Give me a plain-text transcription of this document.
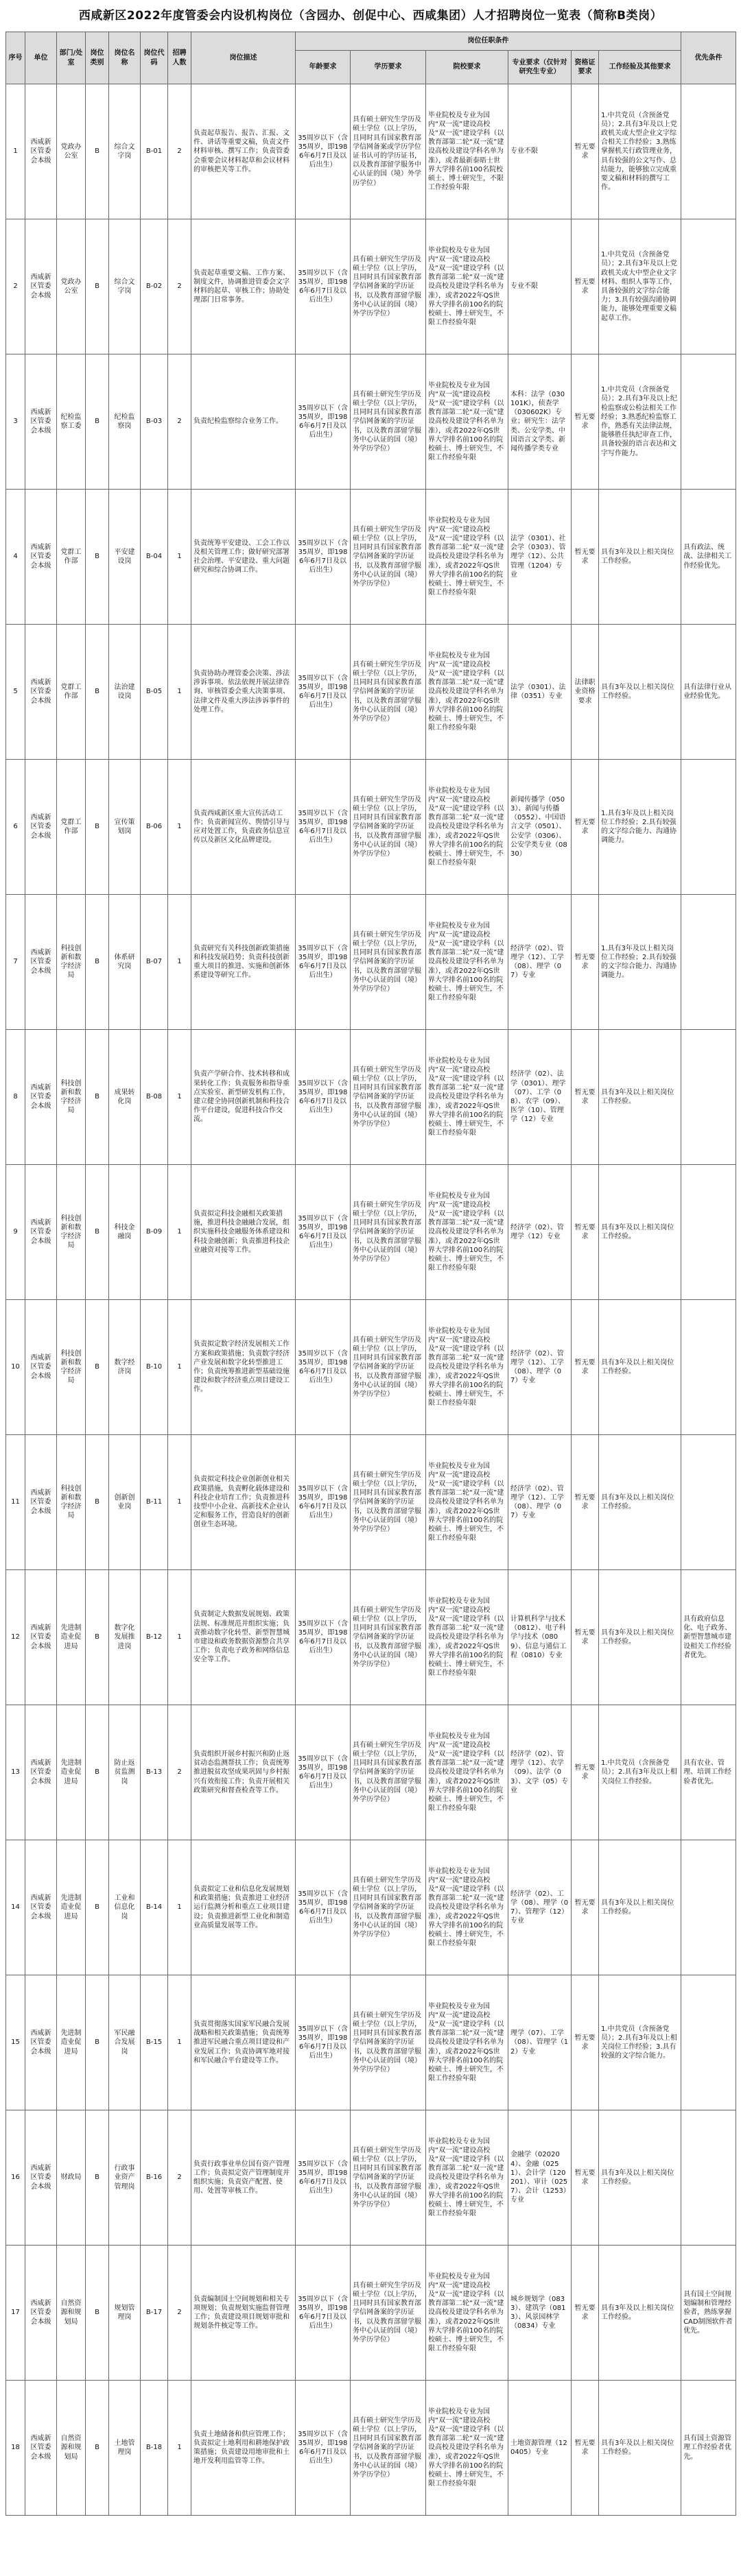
西咸新区2022年度管委会内设机构岗位（含园办、创促中心、西咸集团）人才招聘岗位一览表（简称B类岗）
序号	单位	部门/处室	岗位类别	岗位名称	岗位代码	招聘人数	岗位描述	岗位任职条件						优先条件
								年龄要求	学历要求	院校要求	专业要求（仅针对研究生专业）	资格证要求	工作经验及其他要求	
1	西咸新区管委会本级	党政办公室	B	综合文字岗	B-01	2	负责起草报告、报告、汇报、文件、讲话等重要文稿，负责文件材料审核、撰写工作；负责管委会重要会议材料起草和会议材料的审核把关等工作。	35周岁以下（含35周岁，即1986年6月7日及以后出生）	具有硕士研究生学历及硕士学位（以上学历，且同时具有国家教育部学信网备案或学历学位证书认可的学历证书，以及教育部留学服务中心认证的国（境）外学历学位）	毕业院校及专业为国内“双一流”建设高校及“双一流”建设学科（以教育部第二轮“双一流”建设高校及建设学科名单为准），或者最新泰晤士世界大学排名前100名院校硕士、博士研究生，不限工作经验年限	专业不限	暂无要求	1.中共党员（含预备党员）；2.具有3年及以上党政机关或大型企业文字综合相关工作经验；3.熟练掌握机关行政管理业务，具有较强的公文写作、总结能力，能够独立完成重要文稿和材料的撰写工作。	
2	西咸新区管委会本级	党政办公室	B	综合文字岗	B-02	2	负责起草重要文稿、工作方案、制度文件，协调推进管委会文字材料的起草、审核工作；协助处理部门日常事务。	35周岁以下（含35周岁，即1986年6月7日及以后出生）	具有硕士研究生学历及硕士学位（以上学历，且同时具有国家教育部学信网备案的学历证书，以及教育部留学服务中心认证的国（境）外学历学位）	毕业院校及专业为国内“双一流”建设高校及“双一流”建设学科（以教育部第二轮“双一流”建设高校及建设学科名单为准），或者2022年QS世界大学排名前100名的院校硕士、博士研究生，不限工作经验年限	专业不限	暂无要求	1.中共党员（含预备党员）；2.具有3年及以上党政机关或大中型企业文字材料、组织人事等工作，具备较强的文字综合能力；3.具有较强沟通协调能力，能够处理重要文稿起草工作。	
3	西咸新区管委会本级	纪检监察工委	B	纪检监察岗	B-03	2	负责纪检监察综合业务工作。	35周岁以下（含35周岁，即1986年6月7日及以后出生）	具有硕士研究生学历及硕士学位（以上学历，且同时具有国家教育部学信网备案的学历证书，以及教育部留学服务中心认证的国（境）外学历学位）	毕业院校及专业为国内“双一流”建设高校及“双一流”建设学科（以教育部第二轮“双一流”建设高校及建设学科名单为准），或者2022年QS世界大学排名前100名的院校硕士、博士研究生，不限工作经验年限	本科：法学（030101K），侦查学（030602K）专业；研究生：法学类、公安学类、中国语言文学类、新闻传播学类专业	暂无要求	1.中共党员（含预备党员）；2.具有3年及以上纪检监察或公检法相关工作经验；3.熟悉纪检监察工作，熟悉有关法律法规，能够胜任执纪审查工作，具备较强的语言表达和文字写作能力。	
4	西咸新区管委会本级	党群工作部	B	平安建设岗	B-04	1	负责统筹平安建设、工会工作以及相关管理工作；做好研究部署社会治理、平安建设、重大问题研究和综合协调工作。	35周岁以下（含35周岁，即1986年6月7日及以后出生）	具有硕士研究生学历及硕士学位（以上学历，且同时具有国家教育部学信网备案的学历证书，以及教育部留学服务中心认证的国（境）外学历学位）	毕业院校及专业为国内“双一流”建设高校及“双一流”建设学科（以教育部第二轮“双一流”建设高校及建设学科名单为准），或者2022年QS世界大学排名前100名的院校硕士、博士研究生，不限工作经验年限	法学（0301）、社会学（0303）、管理学（12）、公共管理（1204）专业	暂无要求	具有3年及以上相关岗位工作经验。	具有政法、统战、法律相关工作经验优先。
5	西咸新区管委会本级	党群工作部	B	法治建设岗	B-05	1	负责协助办理管委会决策、涉法涉诉事项、依法依规开展法律咨询、审核管委会重大决策事项、法律文件及重大涉法涉诉事件的处理工作。	35周岁以下（含35周岁，即1986年6月7日及以后出生）	具有硕士研究生学历及硕士学位（以上学历，且同时具有国家教育部学信网备案的学历证书，以及教育部留学服务中心认证的国（境）外学历学位）	毕业院校及专业为国内“双一流”建设高校及“双一流”建设学科（以教育部第二轮“双一流”建设高校及建设学科名单为准），或者2022年QS世界大学排名前100名的院校硕士、博士研究生，不限工作经验年限	法学（0301）、法律（0351）专业	法律职业资格要求	具有3年及以上相关岗位工作经验。	具有法律行业从业经验优先。
6	西咸新区管委会本级	党群工作部	B	宣传策划岗	B-06	1	负责西咸新区重大宣传活动工作；负责新闻宣传、舆情引导与应对处置工作，负责政务信息宣传以及新区文化品牌建设。	35周岁以下（含35周岁，即1986年6月7日及以后出生）	具有硕士研究生学历及硕士学位（以上学历，且同时具有国家教育部学信网备案的学历证书，以及教育部留学服务中心认证的国（境）外学历学位）	毕业院校及专业为国内“双一流”建设高校及“双一流”建设学科（以教育部第二轮“双一流”建设高校及建设学科名单为准），或者2022年QS世界大学排名前100名的院校硕士、博士研究生，不限工作经验年限	新闻传播学（0503）、新闻与传播（0552）、中国语言文学（0501）、公安学（0306）、公安学类专业（0830）	暂无要求	1.具有3年及以上相关岗位工作经验；2.具有较强的文字综合能力、沟通协调能力。	
7	西咸新区管委会本级	科技创新和数字经济局	B	体系研究岗	B-07	1	负责研究有关科技创新政策措施和科技发展趋势；负责科技创新重大项目的推进、实施和创新体系建设等研究工作。	35周岁以下（含35周岁，即1986年6月7日及以后出生）	具有硕士研究生学历及硕士学位（以上学历，且同时具有国家教育部学信网备案的学历证书，以及教育部留学服务中心认证的国（境）外学历学位）	毕业院校及专业为国内“双一流”建设高校及“双一流”建设学科（以教育部第二轮“双一流”建设高校及建设学科名单为准），或者2022年QS世界大学排名前100名的院校硕士、博士研究生，不限工作经验年限	经济学（02）、管理学（12）、工学（08）、理学（07）专业	暂无要求	1.具有3年及以上相关岗位工作经验；2.具有较强的文字综合能力、沟通协调能力。	
8	西咸新区管委会本级	科技创新和数字经济局	B	成果转化岗	B-08	1	负责产学研合作、技术转移和成果转化工作；负责服务和指导重点实验室、新型研发机构工作，建立健全协同创新机制和科技合作平台建设，促进科技合作交流。	35周岁以下（含35周岁，即1986年6月7日及以后出生）	具有硕士研究生学历及硕士学位（以上学历，且同时具有国家教育部学信网备案的学历证书，以及教育部留学服务中心认证的国（境）外学历学位）	毕业院校及专业为国内“双一流”建设高校及“双一流”建设学科（以教育部第二轮“双一流”建设高校及建设学科名单为准），或者2022年QS世界大学排名前100名的院校硕士、博士研究生，不限工作经验年限	经济学（02）、法学（0301）、理学（07）、工学（08）、农学（09）、医学（10）、管理学（12）专业	暂无要求	具有3年及以上相关岗位工作经验。	
9	西咸新区管委会本级	科技创新和数字经济局	B	科技金融岗	B-09	1	负责拟定科技金融相关政策措施，推进科技金融融合发展，组织实施科技金融服务体系建设和科技金融创新；负责推进科技企业融资对接等工作。	35周岁以下（含35周岁，即1986年6月7日及以后出生）	具有硕士研究生学历及硕士学位（以上学历，且同时具有国家教育部学信网备案的学历证书，以及教育部留学服务中心认证的国（境）外学历学位）	毕业院校及专业为国内“双一流”建设高校及“双一流”建设学科（以教育部第二轮“双一流”建设高校及建设学科名单为准），或者2022年QS世界大学排名前100名的院校硕士、博士研究生，不限工作经验年限	经济学（02）、管理学（12）专业	暂无要求	具有3年及以上相关岗位工作经验。	
10	西咸新区管委会本级	科技创新和数字经济局	B	数字经济岗	B-10	1	负责拟定数字经济发展相关工作方案和政策措施；负责数字经济产业发展和数字化转型推进工作；负责统筹推进新型基础设施建设和数字经济重点项目建设工作。	35周岁以下（含35周岁，即1986年6月7日及以后出生）	具有硕士研究生学历及硕士学位（以上学历，且同时具有国家教育部学信网备案的学历证书，以及教育部留学服务中心认证的国（境）外学历学位）	毕业院校及专业为国内“双一流”建设高校及“双一流”建设学科（以教育部第二轮“双一流”建设高校及建设学科名单为准），或者2022年QS世界大学排名前100名的院校硕士、博士研究生，不限工作经验年限	经济学（02）、管理学（12）、工学（08）、理学（07）专业	暂无要求	具有3年及以上相关岗位工作经验。	
11	西咸新区管委会本级	科技创新和数字经济局	B	创新创业岗	B-11	1	负责拟定科技企业创新创业相关政策措施，负责孵化载体建设和科技企业培育工作；负责推进科技型中小企业、高新技术企业认定和服务工作，营造良好的创新创业生态环境。	35周岁以下（含35周岁，即1986年6月7日及以后出生）	具有硕士研究生学历及硕士学位（以上学历，且同时具有国家教育部学信网备案的学历证书，以及教育部留学服务中心认证的国（境）外学历学位）	毕业院校及专业为国内“双一流”建设高校及“双一流”建设学科（以教育部第二轮“双一流”建设高校及建设学科名单为准），或者2022年QS世界大学排名前100名的院校硕士、博士研究生，不限工作经验年限	经济学（02）、管理学（12）、工学（08）、理学（07）专业	暂无要求	具有3年及以上相关岗位工作经验。	
12	西咸新区管委会本级	先进制造业促进局	B	数字化发展推进岗	B-12	1	负责制定大数据发展规划、政策法规、标准规范并组织实施；负责推动数字化转型、新型智慧城市建设和政务数据资源整合共享工作；负责电子政务和网络信息安全等工作。	35周岁以下（含35周岁，即1986年6月7日及以后出生）	具有硕士研究生学历及硕士学位（以上学历，且同时具有国家教育部学信网备案的学历证书，以及教育部留学服务中心认证的国（境）外学历学位）	毕业院校及专业为国内“双一流”建设高校及“双一流”建设学科（以教育部第二轮“双一流”建设高校及建设学科名单为准），或者2022年QS世界大学排名前100名的院校硕士、博士研究生，不限工作经验年限	计算机科学与技术（0812）、电子科学与技术（0809）、信息与通信工程（0810）专业	暂无要求	具有3年及以上相关岗位工作经验。	具有政府信息化、电子政务、新型智慧城市建设相关工作经验者优先。
13	西咸新区管委会本级	先进制造业促进局	B	防止返贫监测岗	B-13	2	负责组织开展乡村振兴和防止返贫动态监测帮扶工作；负责统筹推进脱贫攻坚成果巩固与乡村振兴有效衔接工作；负责开展相关政策研究和督查检查等工作。	35周岁以下（含35周岁，即1986年6月7日及以后出生）	具有硕士研究生学历及硕士学位（以上学历，且同时具有国家教育部学信网备案的学历证书，以及教育部留学服务中心认证的国（境）外学历学位）	毕业院校及专业为国内“双一流”建设高校及“双一流”建设学科（以教育部第二轮“双一流”建设高校及建设学科名单为准），或者2022年QS世界大学排名前100名的院校硕士、博士研究生，不限工作经验年限	经济学（02）、管理学（12）、农学（09）、法学（03）、文学（05）专业	暂无要求	1.中共党员（含预备党员）；2.具有3年及以上相关岗位工作经验。	具有农业、管理、培训工作经验者优先。
14	西咸新区管委会本级	先进制造业促进局	B	工业和信息化岗	B-14	1	负责拟定工业和信息化发展规划和政策措施；负责推进工业经济运行监测分析和重点工业项目建设；负责推进新型工业化和制造业高质量发展等工作。	35周岁以下（含35周岁，即1986年6月7日及以后出生）	具有硕士研究生学历及硕士学位（以上学历，且同时具有国家教育部学信网备案的学历证书，以及教育部留学服务中心认证的国（境）外学历学位）	毕业院校及专业为国内“双一流”建设高校及“双一流”建设学科（以教育部第二轮“双一流”建设高校及建设学科名单为准），或者2022年QS世界大学排名前100名的院校硕士、博士研究生，不限工作经验年限	经济学（02）、工学（08）、理学（07）、管理学（12）专业	暂无要求	具有3年及以上相关岗位工作经验。	
15	西咸新区管委会本级	先进制造业促进局	B	军民融合发展岗	B-15	1	负责贯彻落实国家军民融合发展战略和相关政策措施；负责统筹推进军民融合重点项目建设和产业发展工作；负责协调军地对接和军民融合平台建设等工作。	35周岁以下（含35周岁，即1986年6月7日及以后出生）	具有硕士研究生学历及硕士学位（以上学历，且同时具有国家教育部学信网备案的学历证书，以及教育部留学服务中心认证的国（境）外学历学位）	毕业院校及专业为国内“双一流”建设高校及“双一流”建设学科（以教育部第二轮“双一流”建设高校及建设学科名单为准），或者2022年QS世界大学排名前100名的院校硕士、博士研究生，不限工作经验年限	理学（07）、工学（08）、管理学（12）专业	暂无要求	1.中共党员（含预备党员）；2.具有3年及以上相关岗位工作经验；3.具有较强的文字综合能力。	
16	西咸新区管委会本级	财政局	B	行政事业资产管理岗	B-16	2	负责行政事业单位国有资产管理工作；负责拟定资产管理制度并组织实施；负责资产配置、使用、处置等审核工作。	35周岁以下（含35周岁，即1986年6月7日及以后出生）	具有硕士研究生学历及硕士学位（以上学历，且同时具有国家教育部学信网备案的学历证书，以及教育部留学服务中心认证的国（境）外学历学位）	毕业院校及专业为国内“双一流”建设高校及“双一流”建设学科（以教育部第二轮“双一流”建设高校及建设学科名单为准），或者2022年QS世界大学排名前100名的院校硕士、博士研究生，不限工作经验年限	金融学（020204）、金融（0251）、会计学（120201）、审计（0257）、会计（1253）专业	暂无要求	具有3年及以上相关岗位工作经验。	
17	西咸新区管委会本级	自然资源和规划局	B	规划管理岗	B-17	2	负责编制国土空间规划和相关专项规划；负责规划实施监督管理工作；负责建设项目规划审批和规划条件核定等工作。	35周岁以下（含35周岁，即1986年6月7日及以后出生）	具有硕士研究生学历及硕士学位（以上学历，且同时具有国家教育部学信网备案的学历证书，以及教育部留学服务中心认证的国（境）外学历学位）	毕业院校及专业为国内“双一流”建设高校及“双一流”建设学科（以教育部第二轮“双一流”建设高校及建设学科名单为准），或者2022年QS世界大学排名前100名的院校硕士、博士研究生，不限工作经验年限	城乡规划学（0833）、建筑学（0813）、风景园林学（0834）专业	暂无要求	具有3年及以上相关岗位工作经验。	具有国土空间规划编制和管理经验者，熟练掌握CAD制图软件者优先。
18	西咸新区管委会本级	自然资源和规划局	B	土地管理岗	B-18	1	负责土地储备和供应管理工作；负责拟定土地利用和耕地保护政策措施；负责建设用地审批和土地开发利用监管等工作。	35周岁以下（含35周岁，即1986年6月7日及以后出生）	具有硕士研究生学历及硕士学位（以上学历，且同时具有国家教育部学信网备案的学历证书，以及教育部留学服务中心认证的国（境）外学历学位）	毕业院校及专业为国内“双一流”建设高校及“双一流”建设学科（以教育部第二轮“双一流”建设高校及建设学科名单为准），或者2022年QS世界大学排名前100名的院校硕士、博士研究生，不限工作经验年限	土地资源管理（120405）专业	暂无要求	具有3年及以上相关岗位工作经验。	具有国土资源管理工作经验者优先。
